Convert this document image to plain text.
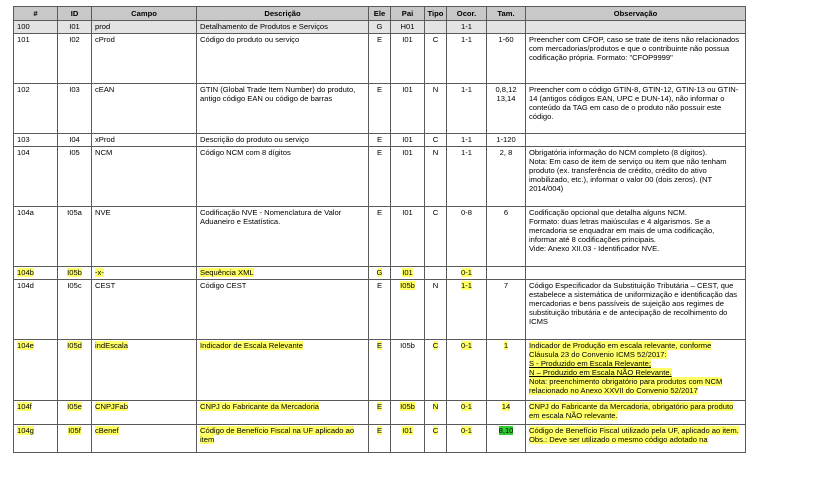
#	ID	Campo	Descrição	Ele	Pai	Tipo	Ocor.	Tam.	Observação
100	I01	prod	Detalhamento de Produtos e Serviços	G	H01		1-1		
101	I02	cProd	Código do produto ou serviço	E	I01	C	1-1	1-60	Preencher com CFOP, caso se trate de itens não relacionados com mercadorias/produtos e que o contribuinte não possua codificação própria. Formato: "CFOP9999"

102	I03	cEAN	GTIN (Global Trade Item Number) do produto, antigo código EAN ou código de barras	E	I01	N	1-1	0,8,12 13,14	Preencher com o código GTIN-8, GTIN-12, GTIN-13 ou GTIN-14 (antigos códigos EAN, UPC e DUN-14), não informar o conteúdo da TAG em caso de o produto não possuir este código.

103	I04	xProd	Descrição do produto ou serviço	E	I01	C	1-1	1-120	
104	I05	NCM	Código NCM com 8 dígitos	E	I01	N	1-1	2, 8	Obrigatória informação do NCM completo (8 dígitos).
Nota: Em caso de item de serviço ou item que não tenham produto (ex. transferência de crédito, crédito do ativo imobilizado, etc.), informar o valor 00 (dois zeros). (NT 2014/004)

104a	I05a	NVE	Codificação NVE - Nomenclatura de Valor Aduaneiro e Estatística.	E	I01	C	0-8	6	Codificação opcional que detalha alguns NCM.
Formato: duas letras maiúsculas e 4 algarismos. Se a mercadoria se enquadrar em mais de uma codificação, informar até 8 codificações principais.
Vide: Anexo XII.03 - Identificador NVE.

104b	I05b	-x-	Sequência XML	G	I01		0-1		
104d	I05c	CEST	Código CEST	E	I05b	N	1-1	7	Código Especificador da Substituição Tributária – CEST, que estabelece a sistemática de uniformização e identificação das mercadorias e bens passíveis de sujeição aos regimes de substituição tributária e de antecipação de recolhimento do ICMS

104e	I05d	indEscala	Indicador de Escala Relevante	E	I05b	C	0-1	1	Indicador de Produção em escala relevante, conforme Cláusula 23 do Convenio ICMS 52/2017:
S - Produzido em Escala Relevante;
N – Produzido em Escala NÃO Relevante.
Nota: preenchimento obrigatório para produtos com NCM relacionado no Anexo XXVII do Convenio 52/2017

104f	I05e	CNPJFab	CNPJ do Fabricante da Mercadoria	E	I05b	N	0-1	14	CNPJ do Fabricante da Mercadoria, obrigatório para produto em escala NÃO relevante.
104g	I05f	cBenef	Código de Benefício Fiscal na UF aplicado ao item	E	I01	C	0-1	8,10	Código de Benefício Fiscal utilizado pela UF, aplicado ao item.
Obs.: Deve ser utilizado o mesmo código adotado na
